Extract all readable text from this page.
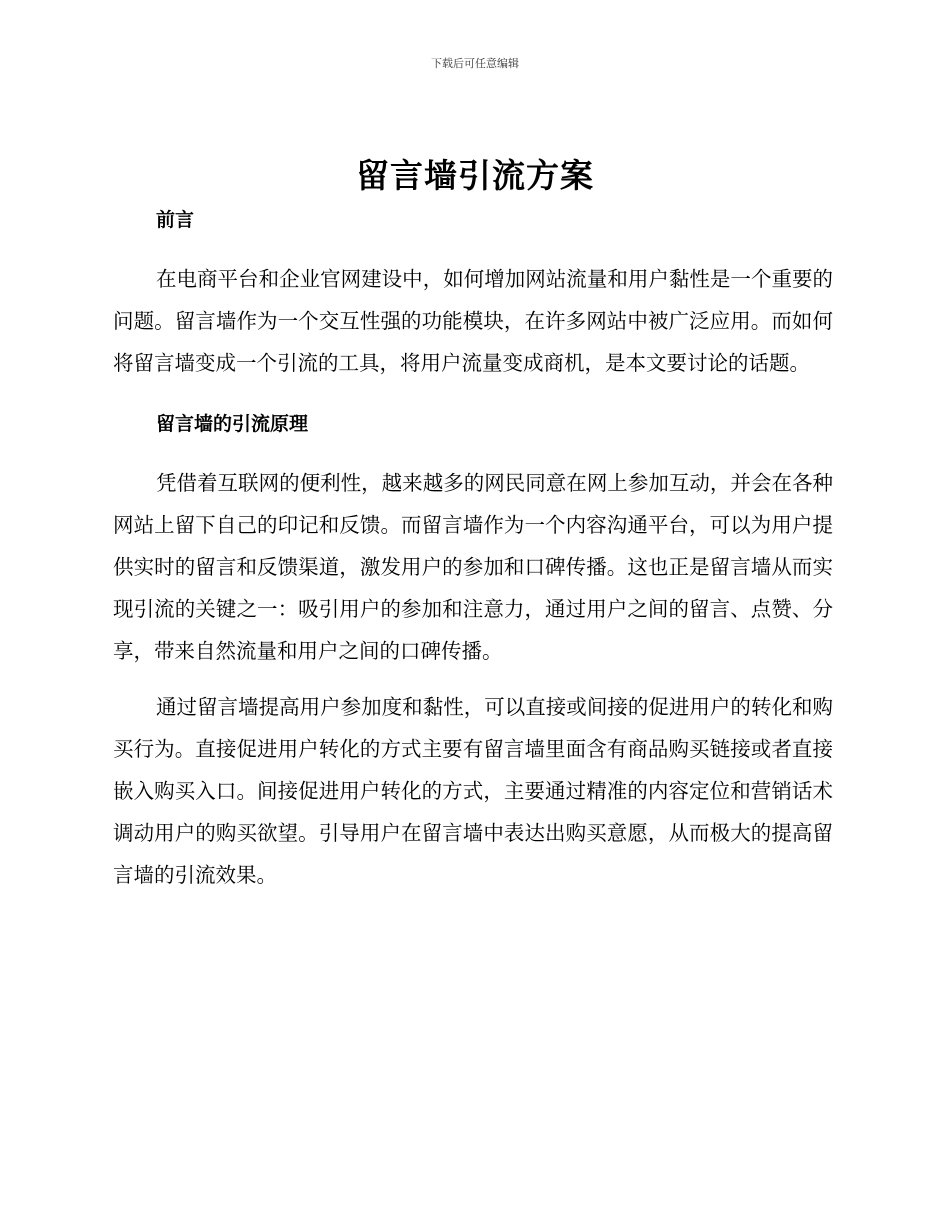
下载后可任意编辑
留言墙引流方案
前言

在电商平台和企业官网建设中，如何增加网站流量和用户黏性是一个重要的问题。留言墙作为一个交互性强的功能模块，在许多网站中被广泛应用。而如何将留言墙变成一个引流的工具，将用户流量变成商机，是本文要讨论的话题。

留言墙的引流原理

凭借着互联网的便利性，越来越多的网民同意在网上参加互动，并会在各种网站上留下自己的印记和反馈。而留言墙作为一个内容沟通平台，可以为用户提供实时的留言和反馈渠道，激发用户的参加和口碑传播。这也正是留言墙从而实现引流的关键之一：吸引用户的参加和注意力，通过用户之间的留言、点赞、分享，带来自然流量和用户之间的口碑传播。

通过留言墙提高用户参加度和黏性，可以直接或间接的促进用户的转化和购买行为。直接促进用户转化的方式主要有留言墙里面含有商品购买链接或者直接嵌入购买入口。间接促进用户转化的方式，主要通过精准的内容定位和营销话术调动用户的购买欲望。引导用户在留言墙中表达出购买意愿，从而极大的提高留言墙的引流效果。
